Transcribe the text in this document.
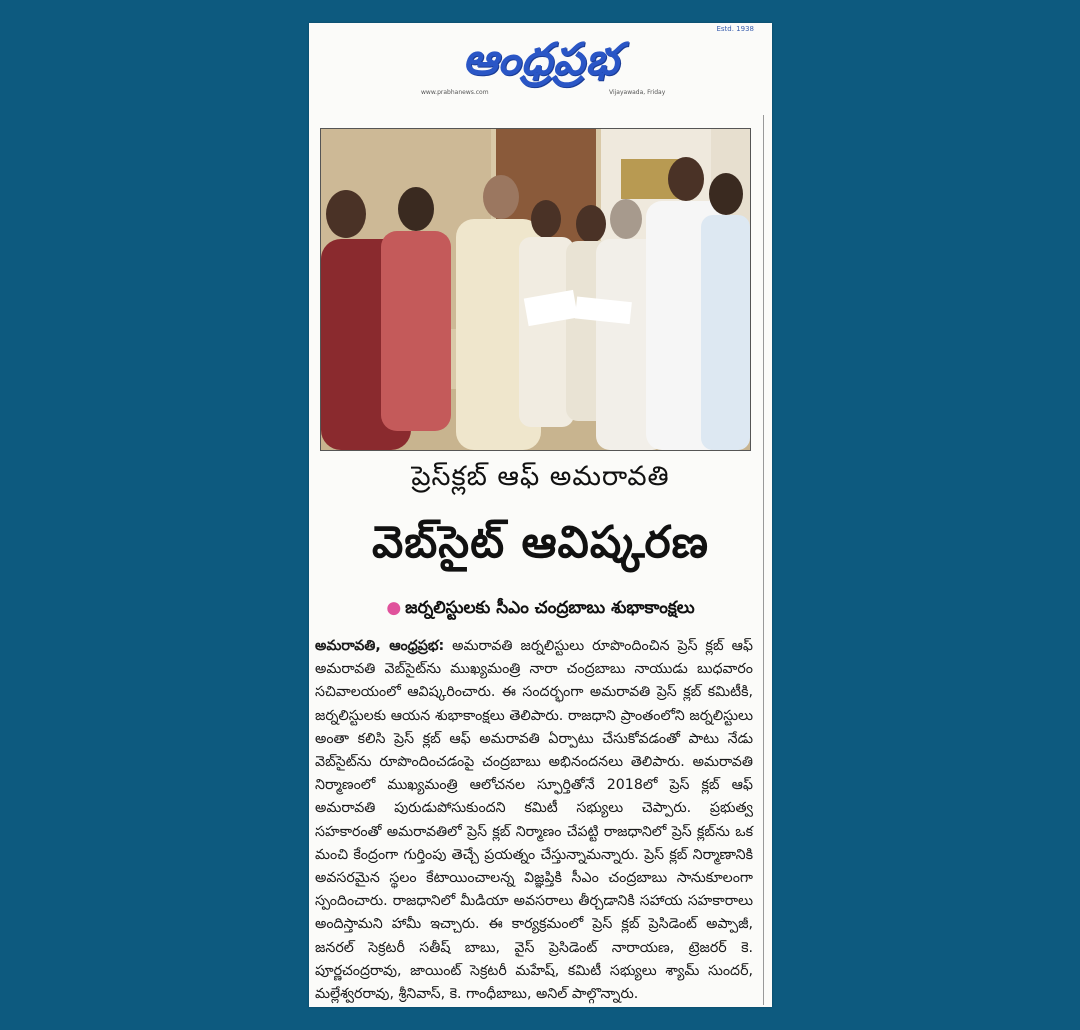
Estd. 1938
ఆంధ్రప్రభ
www.prabhanews.com	Vijayawada, Friday
ప్రెస్‌క్లబ్ ఆఫ్ అమరావతి
వెబ్‌సైట్ ఆవిష్కరణ
● జర్నలిస్టులకు సీఎం చంద్రబాబు శుభాకాంక్షలు
అమరావతి, ఆంధ్రప్రభ: అమరావతి జర్నలిస్టులు రూపొందించిన ప్రెస్ క్లబ్ ఆఫ్ అమరావతి వెబ్‌సైట్‌ను ముఖ్యమంత్రి నారా చంద్రబాబు నాయుడు బుధవారం సచివాలయంలో ఆవిష్కరించారు. ఈ సందర్భంగా అమరావతి ప్రెస్ క్లబ్ కమిటీకి, జర్నలిస్టులకు ఆయన శుభాకాంక్షలు తెలిపారు. రాజధాని ప్రాంతంలోని జర్నలిస్టులు అంతా కలిసి ప్రెస్ క్లబ్ ఆఫ్ అమరావతి ఏర్పాటు చేసుకోవడంతో పాటు నేడు వెబ్‌సైట్‌ను రూపొందించడంపై చంద్రబాబు అభినందనలు తెలిపారు. అమరావతి నిర్మాణంలో ముఖ్యమంత్రి ఆలోచనల స్ఫూర్తితోనే 2018లో ప్రెస్ క్లబ్ ఆఫ్ అమరావతి పురుడుపోసుకుందని కమిటీ సభ్యులు చెప్పారు. ప్రభుత్వ సహకారంతో అమరావతిలో ప్రెస్ క్లబ్ నిర్మాణం చేపట్టి రాజధానిలో ప్రెస్ క్లబ్‌ను ఒక మంచి కేంద్రంగా గుర్తింపు తెచ్చే ప్రయత్నం చేస్తున్నామన్నారు. ప్రెస్ క్లబ్ నిర్మాణానికి అవసరమైన స్థలం కేటాయించాలన్న విజ్ఞప్తికి సీఎం చంద్రబాబు సానుకూలంగా స్పందించారు. రాజధానిలో మీడియా అవసరాలు తీర్చడానికి సహాయ సహకారాలు అందిస్తామని హామీ ఇచ్చారు. ఈ కార్యక్రమంలో ప్రెస్ క్లబ్ ప్రెసిడెంట్ అప్పాజీ, జనరల్ సెక్రటరీ సతీష్ బాబు, వైస్ ప్రెసిడెంట్ నారాయణ, ట్రెజరర్ కె. పూర్ణచంద్రరావు, జాయింట్ సెక్రటరీ మహేష్, కమిటీ సభ్యులు శ్యామ్ సుందర్, మల్లేశ్వరరావు, శ్రీనివాస్, కె. గాంధీబాబు, అనిల్ పాల్గొన్నారు.
